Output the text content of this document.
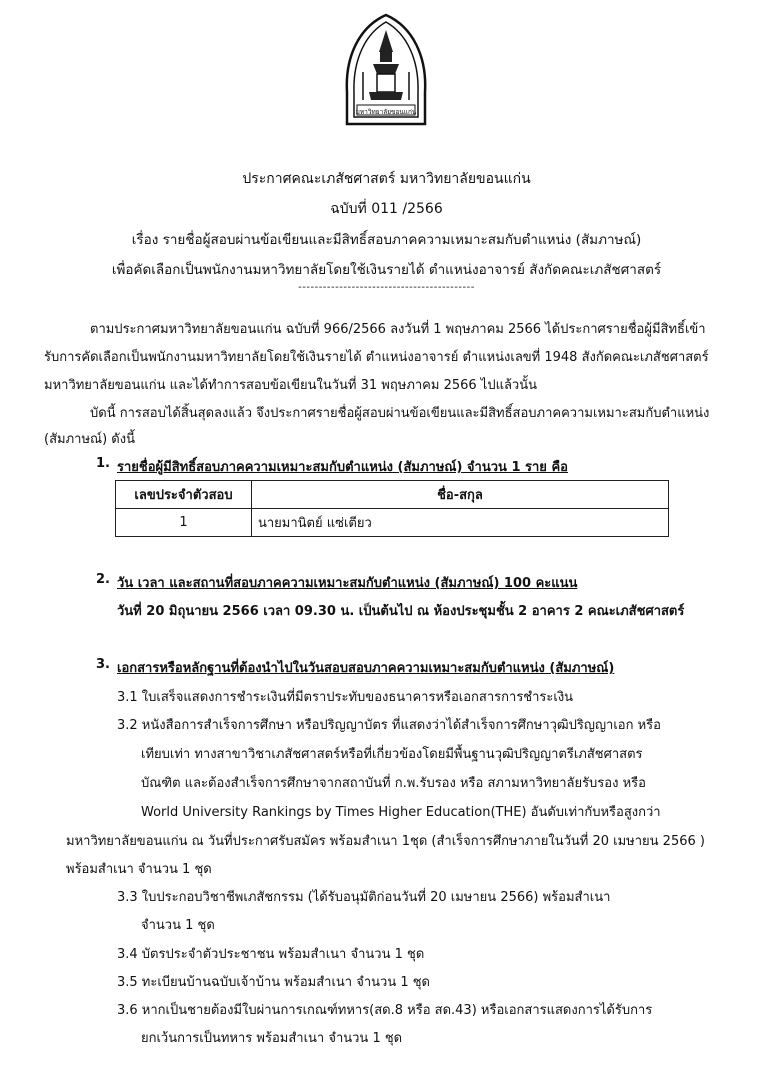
มหาวิทยาลัยขอนแก่น
ประกาศคณะเภสัชศาสตร์ มหาวิทยาลัยขอนแก่น
ฉบับที่ 011 /2566
เรื่อง รายชื่อผู้สอบผ่านข้อเขียนและมีสิทธิ์สอบภาคความเหมาะสมกับตำแหน่ง (สัมภาษณ์)
เพื่อคัดเลือกเป็นพนักงานมหาวิทยาลัยโดยใช้เงินรายได้ ตำแหน่งอาจารย์ สังกัดคณะเภสัชศาสตร์
-------------------------------------------
ตามประกาศมหาวิทยาลัยขอนแก่น ฉบับที่ 966/2566 ลงวันที่ 1 พฤษภาคม 2566 ได้ประกาศรายชื่อผู้มีสิทธิ์เข้า
รับการคัดเลือกเป็นพนักงานมหาวิทยาลัยโดยใช้เงินรายได้ ตำแหน่งอาจารย์ ตำแหน่งเลขที่ 1948 สังกัดคณะเภสัชศาสตร์
มหาวิทยาลัยขอนแก่น และได้ทำการสอบข้อเขียนในวันที่ 31 พฤษภาคม 2566 ไปแล้วนั้น
บัดนี้ การสอบได้สิ้นสุดลงแล้ว จึงประกาศรายชื่อผู้สอบผ่านข้อเขียนและมีสิทธิ์สอบภาคความเหมาะสมกับตำแหน่ง
(สัมภาษณ์) ดังนี้
1. รายชื่อผู้มีสิทธิ์สอบภาคความเหมาะสมกับตำแหน่ง (สัมภาษณ์) จำนวน 1 ราย คือ
เลขประจำตัวสอบ	ชื่อ-สกุล
1	นายมานิตย์ แซ่เตียว
2. วัน เวลา และสถานที่สอบภาคความเหมาะสมกับตำแหน่ง (สัมภาษณ์) 100 คะแนน
วันที่ 20 มิถุนายน 2566 เวลา 09.30 น. เป็นต้นไป ณ ห้องประชุมชั้น 2 อาคาร 2 คณะเภสัชศาสตร์
3. เอกสารหรือหลักฐานที่ต้องนำไปในวันสอบสอบภาคความเหมาะสมกับตำแหน่ง (สัมภาษณ์)
3.1 ใบเสร็จแสดงการชำระเงินที่มีตราประทับของธนาคารหรือเอกสารการชำระเงิน
3.2 หนังสือการสำเร็จการศึกษา หรือปริญญาบัตร ที่แสดงว่าได้สำเร็จการศึกษาวุฒิปริญญาเอก หรือ
เทียบเท่า ทางสาขาวิชาเภสัชศาสตร์หรือที่เกี่ยวข้องโดยมีพื้นฐานวุฒิปริญญาตรีเภสัชศาสตร
บัณฑิต และต้องสำเร็จการศึกษาจากสถาบันที่ ก.พ.รับรอง หรือ สภามหาวิทยาลัยรับรอง หรือ
World University Rankings by Times Higher Education(THE) อันดับเท่ากับหรือสูงกว่า
มหาวิทยาลัยขอนแก่น ณ วันที่ประกาศรับสมัคร พร้อมสำเนา 1ชุด (สำเร็จการศึกษาภายในวันที่ 20 เมษายน 2566 )
พร้อมสำเนา จำนวน 1 ชุด
3.3 ใบประกอบวิชาชีพเภสัชกรรม (ได้รับอนุมัติก่อนวันที่ 20 เมษายน 2566) พร้อมสำเนา
จำนวน 1 ชุด
3.4 บัตรประจำตัวประชาชน พร้อมสำเนา จำนวน 1 ชุด
3.5 ทะเบียนบ้านฉบับเจ้าบ้าน พร้อมสำเนา จำนวน 1 ชุด
3.6 หากเป็นชายต้องมีใบผ่านการเกณฑ์ทหาร(สด.8 หรือ สด.43) หรือเอกสารแสดงการได้รับการ
ยกเว้นการเป็นทหาร พร้อมสำเนา จำนวน 1 ชุด
